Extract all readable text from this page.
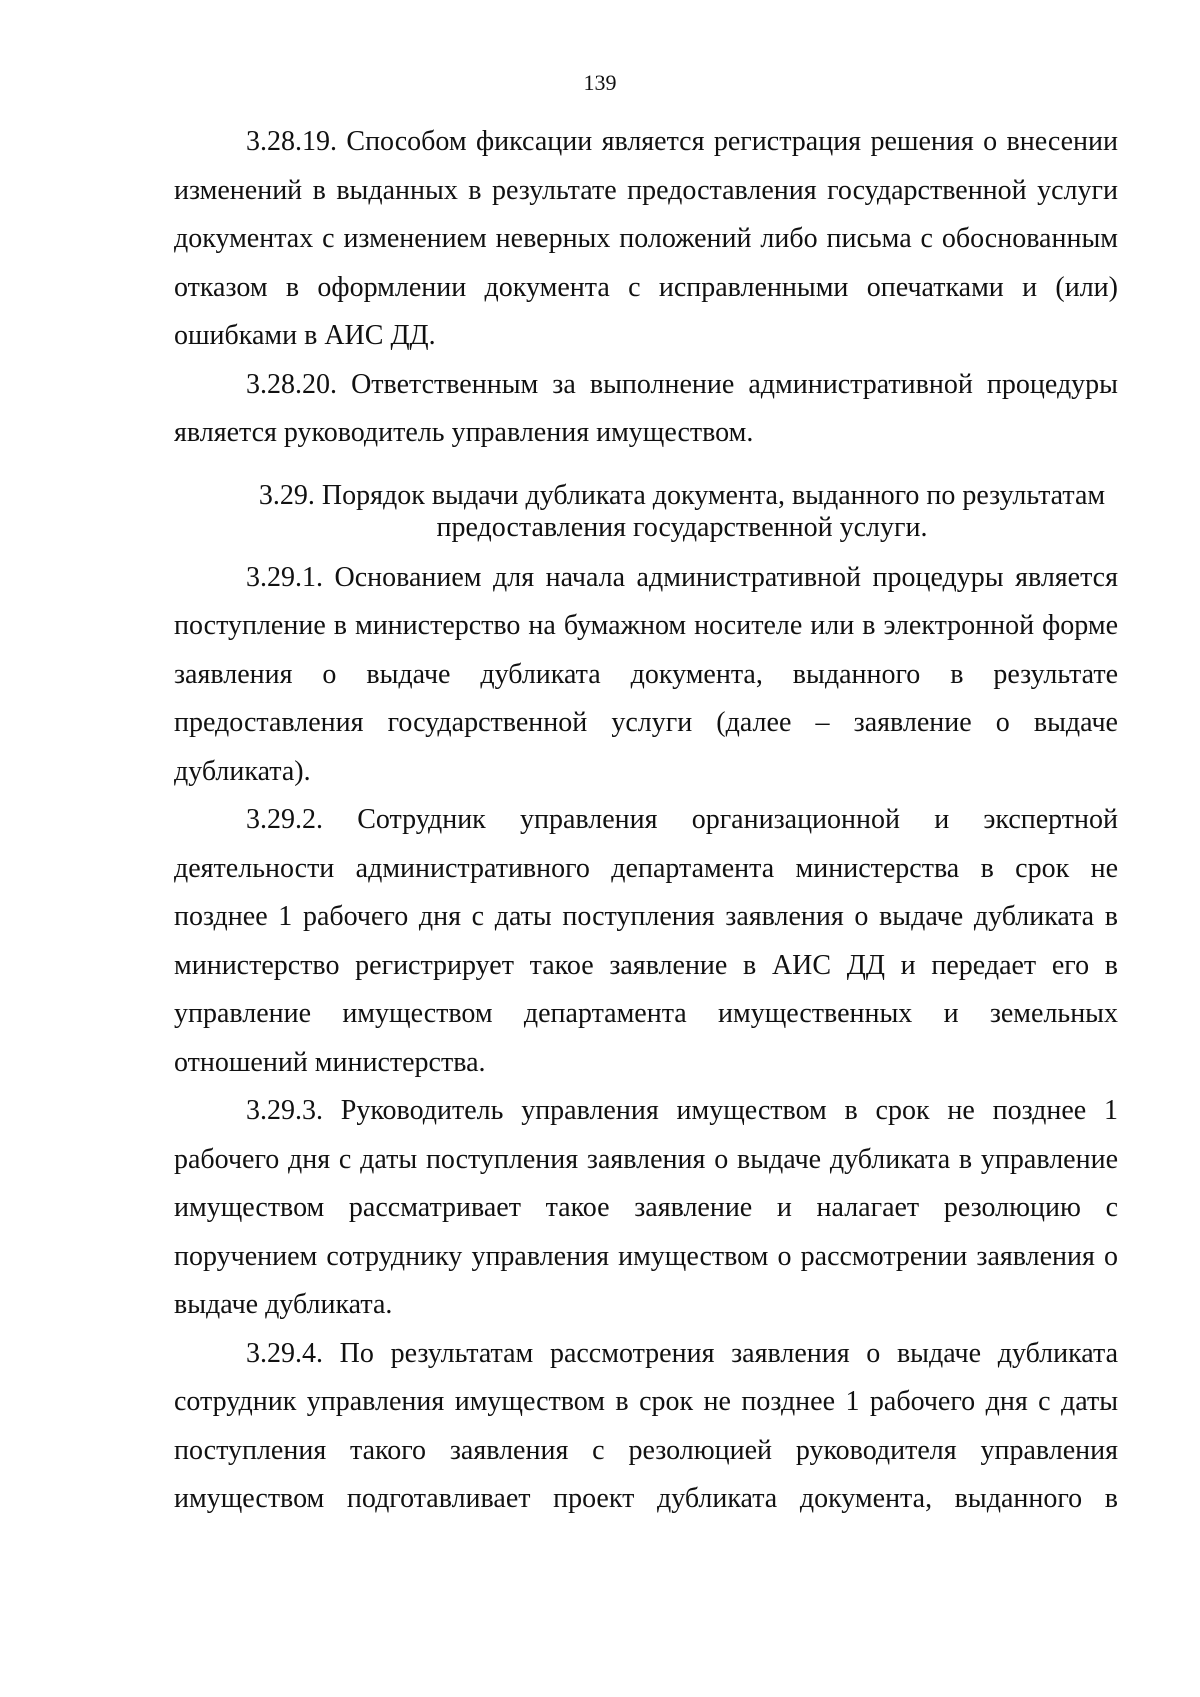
139

3.28.19. Способом фиксации является регистрация решения о внесении изменений в выданных в результате предоставления государственной услуги документах с изменением неверных положений либо письма с обоснованным отказом в оформлении документа с исправленными опечатками и (или) ошибками в АИС ДД.

3.28.20. Ответственным за выполнение административной процедуры является руководитель управления имуществом.

3.29. Порядок выдачи дубликата документа, выданного по результатам предоставления государственной услуги.

3.29.1. Основанием для начала административной процедуры является поступление в министерство на бумажном носителе или в электронной форме заявления о выдаче дубликата документа, выданного в результате предоставления государственной услуги (далее – заявление о выдаче дубликата).

3.29.2. Сотрудник управления организационной и экспертной деятельности административного департамента министерства в срок не позднее 1 рабочего дня с даты поступления заявления о выдаче дубликата в министерство регистрирует такое заявление в АИС ДД и передает его в управление имуществом департамента имущественных и земельных отношений министерства.

3.29.3. Руководитель управления имуществом в срок не позднее 1 рабочего дня с даты поступления заявления о выдаче дубликата в управление имуществом рассматривает такое заявление и налагает резолюцию с поручением сотруднику управления имуществом о рассмотрении заявления о выдаче дубликата.

3.29.4. По результатам рассмотрения заявления о выдаче дубликата сотрудник управления имуществом в срок не позднее 1 рабочего дня с даты поступления такого заявления с резолюцией руководителя управления имуществом подготавливает проект дубликата документа, выданного в
